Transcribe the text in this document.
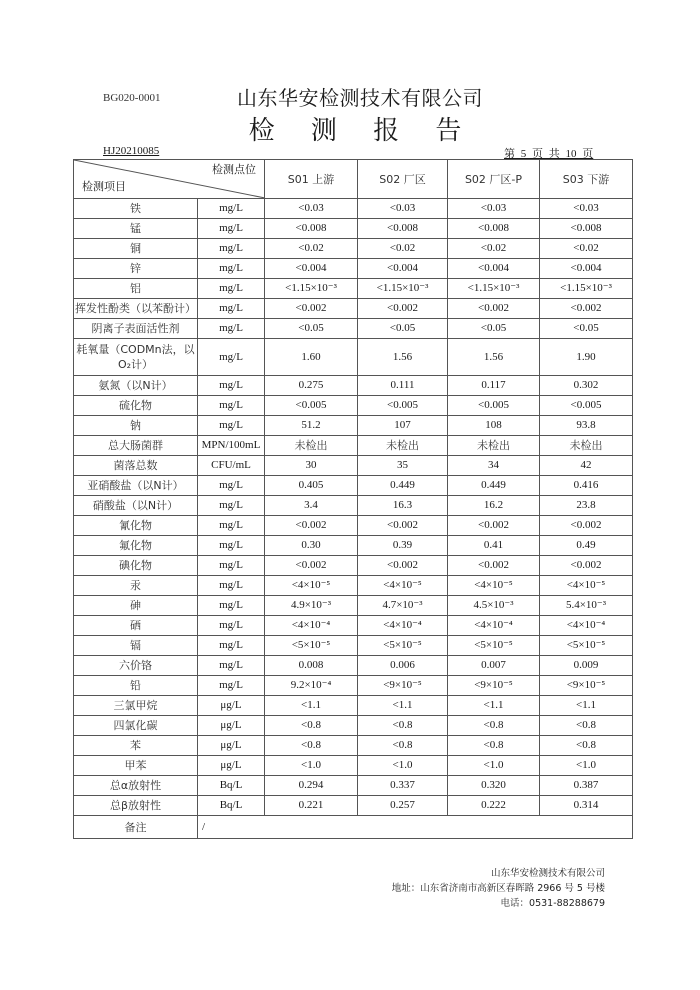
BG020-0001	山东华安检测技术有限公司
检 测 报 告
HJ20210085	第 5 页 共 10 页
检测点位
检测项目		S01 上游	S02 厂区	S02 厂区-P	S03 下游
铁	mg/L	<0.03	<0.03	<0.03	<0.03
锰	mg/L	<0.008	<0.008	<0.008	<0.008
铜	mg/L	<0.02	<0.02	<0.02	<0.02
锌	mg/L	<0.004	<0.004	<0.004	<0.004
铝	mg/L	<1.15×10⁻³	<1.15×10⁻³	<1.15×10⁻³	<1.15×10⁻³
挥发性酚类（以苯酚计）	mg/L	<0.002	<0.002	<0.002	<0.002
阴离子表面活性剂	mg/L	<0.05	<0.05	<0.05	<0.05
耗氧量（CODMn法，以O₂计）	mg/L	1.60	1.56	1.56	1.90
氨氮（以N计）	mg/L	0.275	0.111	0.117	0.302
硫化物	mg/L	<0.005	<0.005	<0.005	<0.005
钠	mg/L	51.2	107	108	93.8
总大肠菌群	MPN/100mL	未检出	未检出	未检出	未检出
菌落总数	CFU/mL	30	35	34	42
亚硝酸盐（以N计）	mg/L	0.405	0.449	0.449	0.416
硝酸盐（以N计）	mg/L	3.4	16.3	16.2	23.8
氰化物	mg/L	<0.002	<0.002	<0.002	<0.002
氟化物	mg/L	0.30	0.39	0.41	0.49
碘化物	mg/L	<0.002	<0.002	<0.002	<0.002
汞	mg/L	<4×10⁻⁵	<4×10⁻⁵	<4×10⁻⁵	<4×10⁻⁵
砷	mg/L	4.9×10⁻³	4.7×10⁻³	4.5×10⁻³	5.4×10⁻³
硒	mg/L	<4×10⁻⁴	<4×10⁻⁴	<4×10⁻⁴	<4×10⁻⁴
镉	mg/L	<5×10⁻⁵	<5×10⁻⁵	<5×10⁻⁵	<5×10⁻⁵
六价铬	mg/L	0.008	0.006	0.007	0.009
铅	mg/L	9.2×10⁻⁴	<9×10⁻⁵	<9×10⁻⁵	<9×10⁻⁵
三氯甲烷	μg/L	<1.1	<1.1	<1.1	<1.1
四氯化碳	μg/L	<0.8	<0.8	<0.8	<0.8
苯	μg/L	<0.8	<0.8	<0.8	<0.8
甲苯	μg/L	<1.0	<1.0	<1.0	<1.0
总α放射性	Bq/L	0.294	0.337	0.320	0.387
总β放射性	Bq/L	0.221	0.257	0.222	0.314
备注	/				
山东华安检测技术有限公司
地址：山东省济南市高新区春晖路 2966 号 5 号楼
电话：0531-88288679
